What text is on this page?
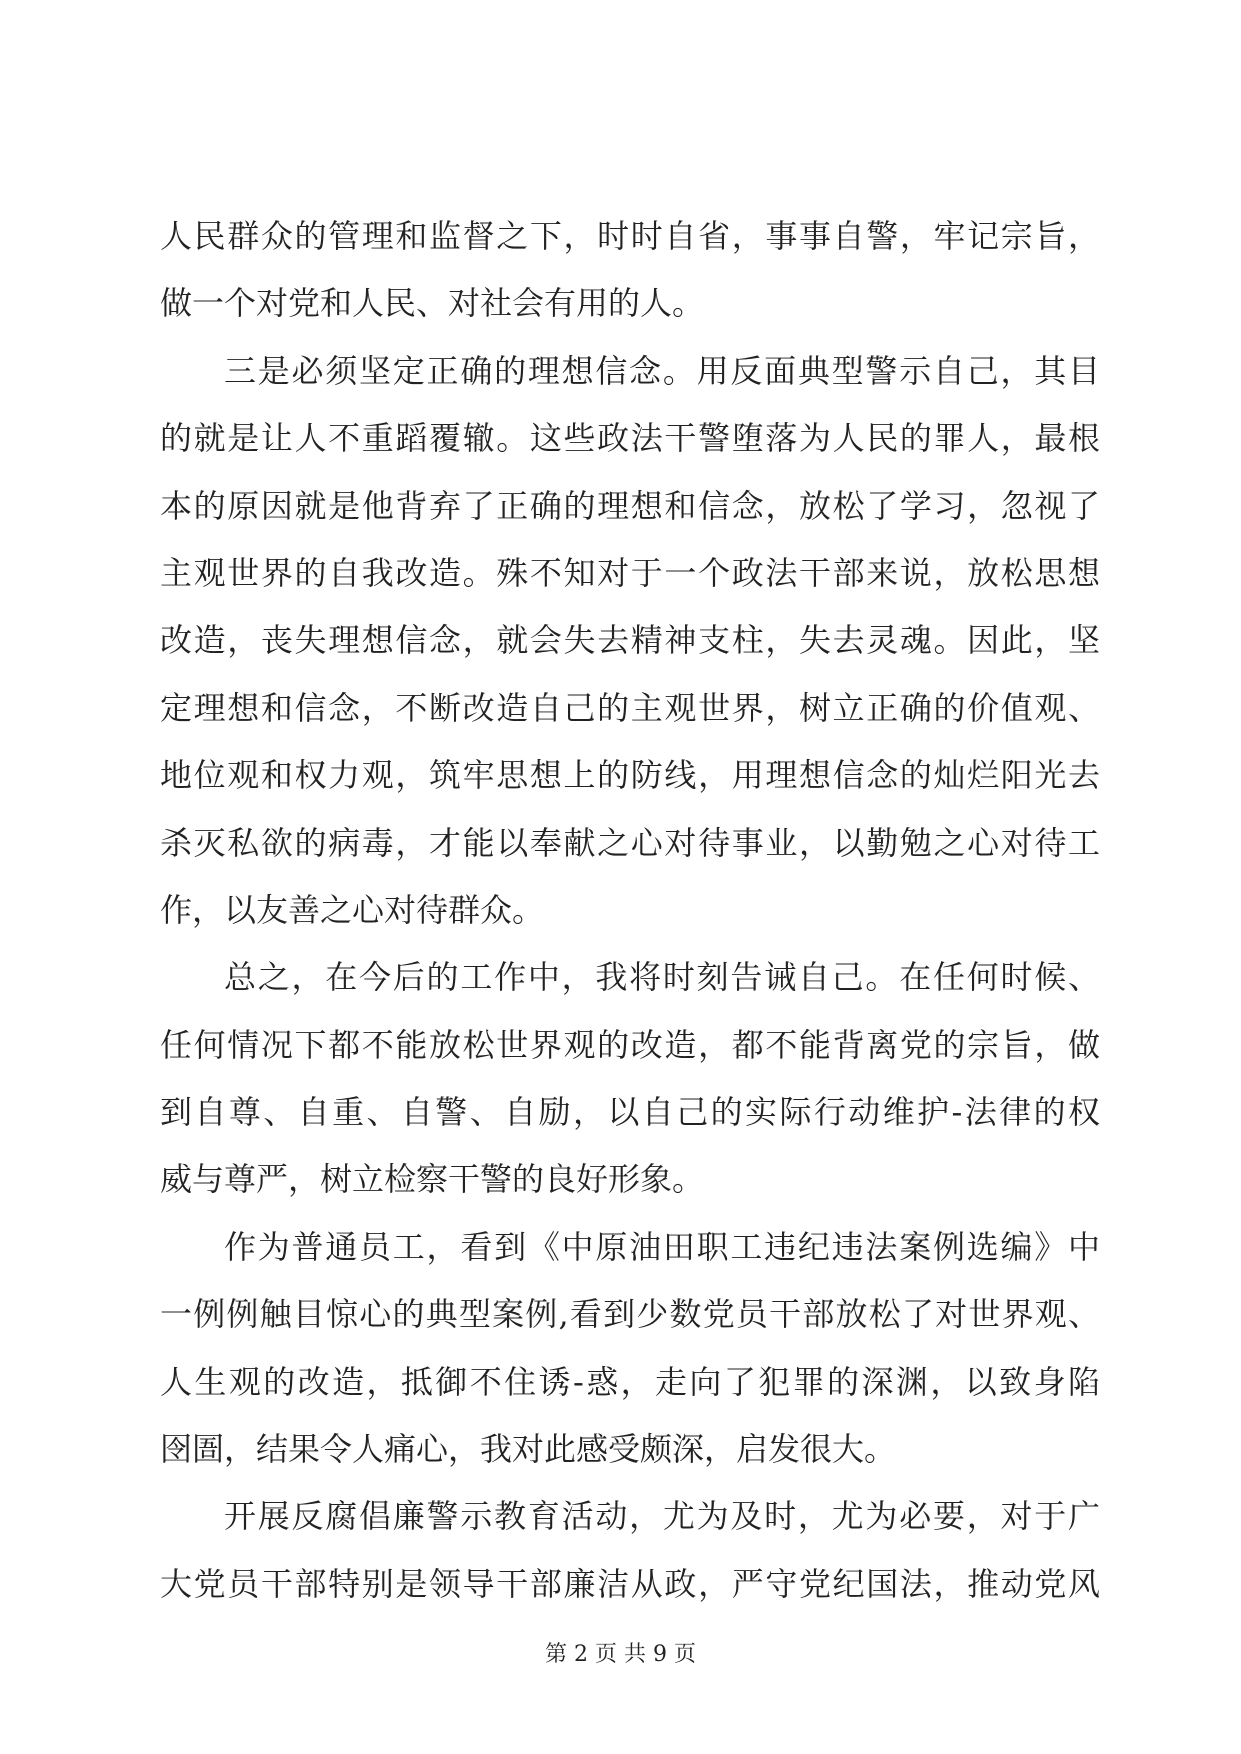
人民群众的管理和监督之下，时时自省，事事自警，牢记宗旨，
做一个对党和人民、对社会有用的人。
三是必须坚定正确的理想信念。用反面典型警示自己，其目
的就是让人不重蹈覆辙。这些政法干警堕落为人民的罪人，最根
本的原因就是他背弃了正确的理想和信念，放松了学习，忽视了
主观世界的自我改造。殊不知对于一个政法干部来说，放松思想
改造，丧失理想信念，就会失去精神支柱，失去灵魂。因此，坚
定理想和信念，不断改造自己的主观世界，树立正确的价值观、
地位观和权力观，筑牢思想上的防线，用理想信念的灿烂阳光去
杀灭私欲的病毒，才能以奉献之心对待事业，以勤勉之心对待工
作，以友善之心对待群众。
总之，在今后的工作中，我将时刻告诫自己。在任何时候、
任何情况下都不能放松世界观的改造，都不能背离党的宗旨，做
到自尊、自重、自警、自励，以自己的实际行动维护-法律的权
威与尊严，树立检察干警的良好形象。
作为普通员工，看到《中原油田职工违纪违法案例选编》中
一例例触目惊心的典型案例,看到少数党员干部放松了对世界观、
人生观的改造，抵御不住诱-惑，走向了犯罪的深渊，以致身陷
囹圄，结果令人痛心，我对此感受颇深，启发很大。
开展反腐倡廉警示教育活动，尤为及时，尤为必要，对于广
大党员干部特别是领导干部廉洁从政，严守党纪国法，推动党风
第 2 页 共 9 页
